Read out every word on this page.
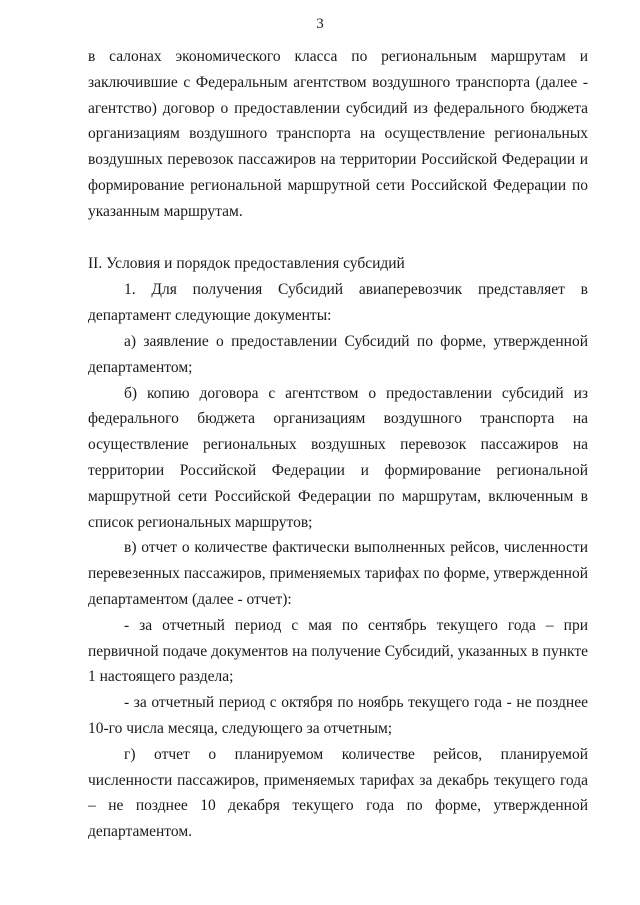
3

в салонах экономического класса по региональным маршрутам и заключившие с Федеральным агентством воздушного транспорта (далее - агентство) договор о предоставлении субсидий из федерального бюджета организациям воздушного транспорта на осуществление региональных воздушных перевозок пассажиров на территории Российской Федерации и формирование региональной маршрутной сети Российской Федерации по указанным маршрутам.

II. Условия и порядок предоставления субсидий

1. Для получения Субсидий авиаперевозчик представляет в департамент следующие документы:

а) заявление о предоставлении Субсидий по форме, утвержденной департаментом;

б) копию договора с агентством о предоставлении субсидий из федерального бюджета организациям воздушного транспорта на осуществление региональных воздушных перевозок пассажиров на территории Российской Федерации и формирование региональной маршрутной сети Российской Федерации по маршрутам, включенным в список региональных маршрутов;

в) отчет о количестве фактически выполненных рейсов, численности перевезенных пассажиров, применяемых тарифах по форме, утвержденной департаментом (далее - отчет):

- за отчетный период с мая по сентябрь текущего года – при первичной подаче документов на получение Субсидий, указанных в пункте 1 настоящего раздела;

- за отчетный период с октября по ноябрь текущего года - не позднее 10-го числа месяца, следующего за отчетным;

г) отчет о планируемом количестве рейсов, планируемой численности пассажиров, применяемых тарифах за декабрь текущего года – не позднее 10 декабря текущего года по форме, утвержденной департаментом.
